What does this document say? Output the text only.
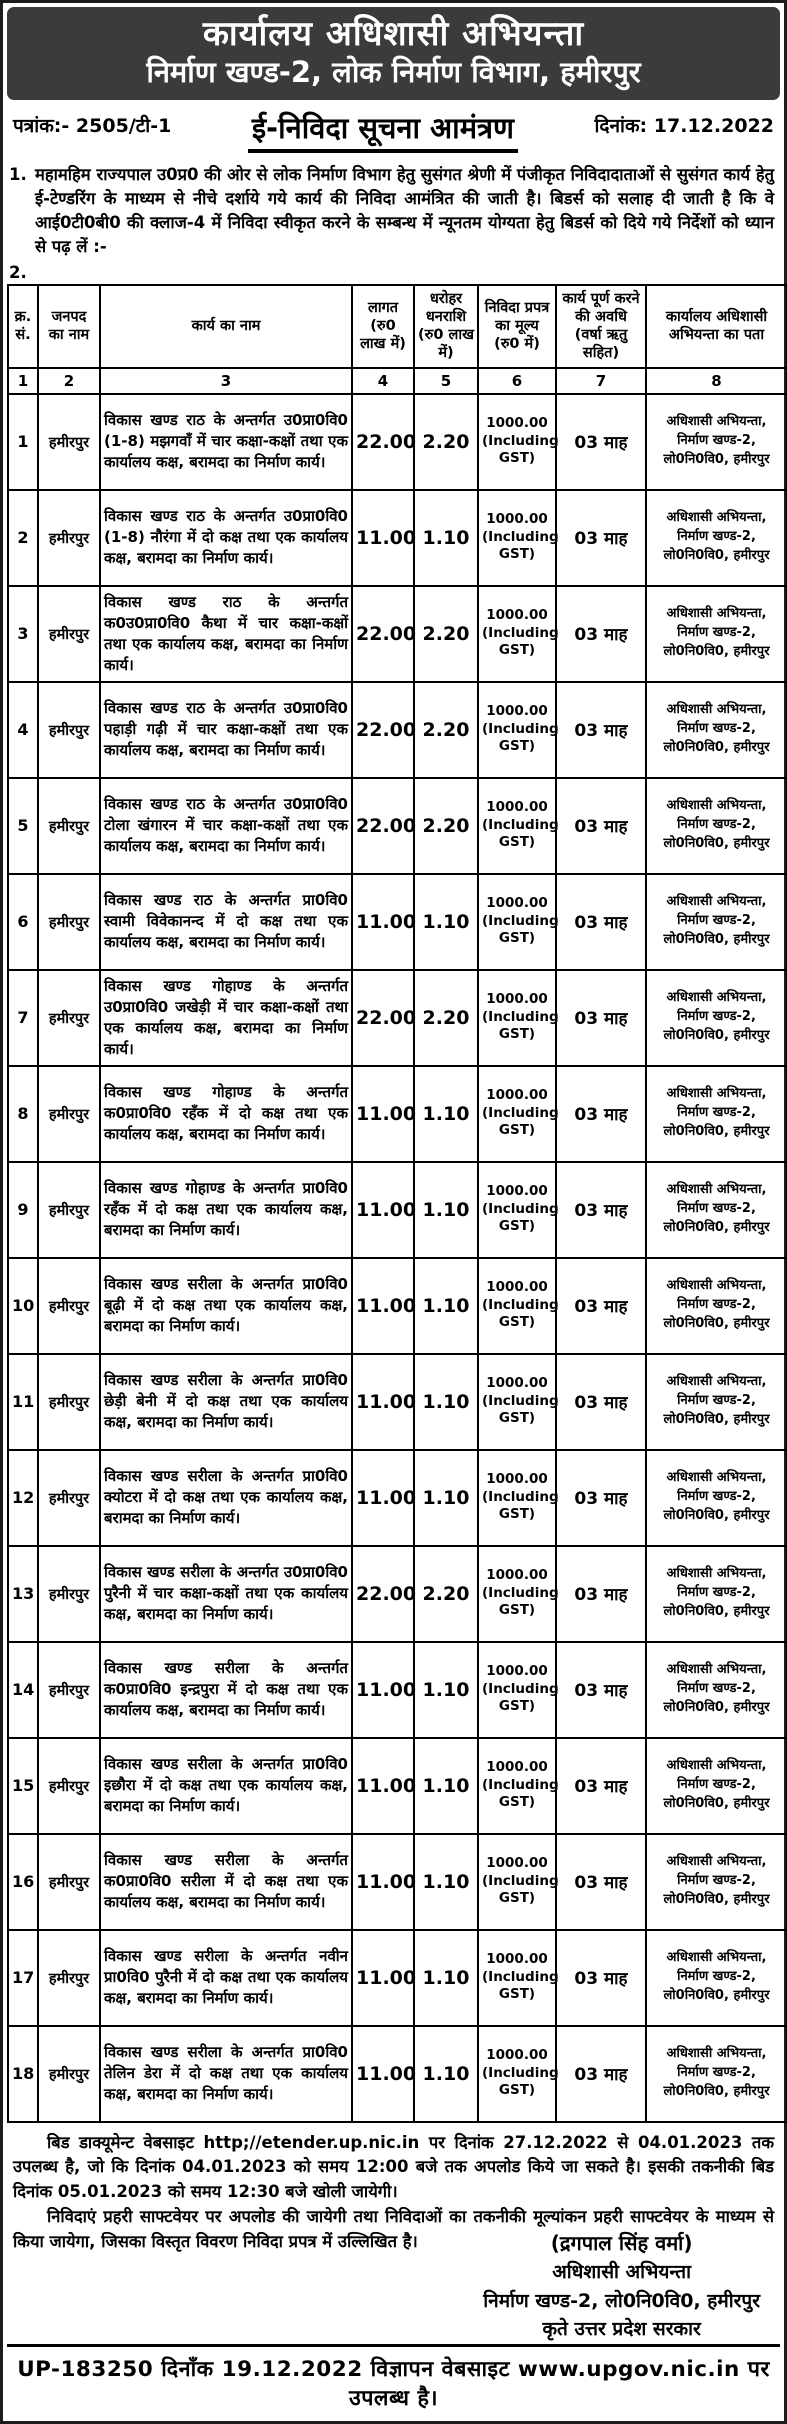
कार्यालय अधिशासी अभियन्ता
निर्माण खण्ड-2, लोक निर्माण विभाग, हमीरपुर
पत्रांक:- 2505/टी-1	ई-निविदा सूचना आमंत्रण	दिनांक: 17.12.2022
1. महामहिम राज्यपाल उ0प्र0 की ओर से लोक निर्माण विभाग हेतु सुसंगत श्रेणी में पंजीकृत निविदादाताओं से सुसंगत कार्य हेतु ई-टेण्डरिंग के माध्यम से नीचे दर्शाये गये कार्य की निविदा आमंत्रित की जाती है। बिडर्स को सलाह दी जाती है कि वे आई0टी0बी0 की क्लाज-4 में निविदा स्वीकृत करने के सम्बन्ध में न्यूनतम योग्यता हेतु बिडर्स को दिये गये निर्देशों को ध्यान से पढ़ लें :-
2.
क्र. सं.	जनपद का नाम	कार्य का नाम	लागत (रु0 लाख में)	धरोहर धनराशि (रु0 लाख में)	निविदा प्रपत्र का मूल्य (रु0 में)	कार्य पूर्ण करने की अवधि (वर्षा ऋतु सहित)	कार्यालय अधिशासी अभियन्ता का पता
1	2	3	4	5	6	7	8
1	हमीरपुर	विकास खण्ड राठ के अन्तर्गत उ0प्रा0वि0 (1-8) मझगवाँ में चार कक्षा-कक्षों तथा एक कार्यालय कक्ष, बरामदा का निर्माण कार्य।	22.00	2.20	1000.00
(Including GST)	03 माह	अधिशासी अभियन्ता, निर्माण खण्ड-2, लो0नि0वि0, हमीरपुर
2	हमीरपुर	विकास खण्ड राठ के अन्तर्गत उ0प्रा0वि0 (1-8) नौरंगा में दो कक्ष तथा एक कार्यालय कक्ष, बरामदा का निर्माण कार्य।	11.00	1.10	1000.00
(Including GST)	03 माह	अधिशासी अभियन्ता, निर्माण खण्ड-2, लो0नि0वि0, हमीरपुर
3	हमीरपुर	विकास खण्ड राठ के अन्तर्गत क0उ0प्रा0वि0 कैथा में चार कक्षा-कक्षों तथा एक कार्यालय कक्ष, बरामदा का निर्माण कार्य।	22.00	2.20	1000.00
(Including GST)	03 माह	अधिशासी अभियन्ता, निर्माण खण्ड-2, लो0नि0वि0, हमीरपुर
4	हमीरपुर	विकास खण्ड राठ के अन्तर्गत उ0प्रा0वि0 पहाड़ी गढ़ी में चार कक्षा-कक्षों तथा एक कार्यालय कक्ष, बरामदा का निर्माण कार्य।	22.00	2.20	1000.00
(Including GST)	03 माह	अधिशासी अभियन्ता, निर्माण खण्ड-2, लो0नि0वि0, हमीरपुर
5	हमीरपुर	विकास खण्ड राठ के अन्तर्गत उ0प्रा0वि0 टोला खंगारन में चार कक्षा-कक्षों तथा एक कार्यालय कक्ष, बरामदा का निर्माण कार्य।	22.00	2.20	1000.00
(Including GST)	03 माह	अधिशासी अभियन्ता, निर्माण खण्ड-2, लो0नि0वि0, हमीरपुर
6	हमीरपुर	विकास खण्ड राठ के अन्तर्गत प्रा0वि0 स्वामी विवेकानन्द में दो कक्ष तथा एक कार्यालय कक्ष, बरामदा का निर्माण कार्य।	11.00	1.10	1000.00
(Including GST)	03 माह	अधिशासी अभियन्ता, निर्माण खण्ड-2, लो0नि0वि0, हमीरपुर
7	हमीरपुर	विकास खण्ड गोहाण्ड के अन्तर्गत उ0प्रा0वि0 जखेड़ी में चार कक्षा-कक्षों तथा एक कार्यालय कक्ष, बरामदा का निर्माण कार्य।	22.00	2.20	1000.00
(Including GST)	03 माह	अधिशासी अभियन्ता, निर्माण खण्ड-2, लो0नि0वि0, हमीरपुर
8	हमीरपुर	विकास खण्ड गोहाण्ड के अन्तर्गत क0प्रा0वि0 रहँक में दो कक्ष तथा एक कार्यालय कक्ष, बरामदा का निर्माण कार्य।	11.00	1.10	1000.00
(Including GST)	03 माह	अधिशासी अभियन्ता, निर्माण खण्ड-2, लो0नि0वि0, हमीरपुर
9	हमीरपुर	विकास खण्ड गोहाण्ड के अन्तर्गत प्रा0वि0 रहँक में दो कक्ष तथा एक कार्यालय कक्ष, बरामदा का निर्माण कार्य।	11.00	1.10	1000.00
(Including GST)	03 माह	अधिशासी अभियन्ता, निर्माण खण्ड-2, लो0नि0वि0, हमीरपुर
10	हमीरपुर	विकास खण्ड सरीला के अन्तर्गत प्रा0वि0 बूढ़ी में दो कक्ष तथा एक कार्यालय कक्ष, बरामदा का निर्माण कार्य।	11.00	1.10	1000.00
(Including GST)	03 माह	अधिशासी अभियन्ता, निर्माण खण्ड-2, लो0नि0वि0, हमीरपुर
11	हमीरपुर	विकास खण्ड सरीला के अन्तर्गत प्रा0वि0 छेड़ी बेनी में दो कक्ष तथा एक कार्यालय कक्ष, बरामदा का निर्माण कार्य।	11.00	1.10	1000.00
(Including GST)	03 माह	अधिशासी अभियन्ता, निर्माण खण्ड-2, लो0नि0वि0, हमीरपुर
12	हमीरपुर	विकास खण्ड सरीला के अन्तर्गत प्रा0वि0 क्योटरा में दो कक्ष तथा एक कार्यालय कक्ष, बरामदा का निर्माण कार्य।	11.00	1.10	1000.00
(Including GST)	03 माह	अधिशासी अभियन्ता, निर्माण खण्ड-2, लो0नि0वि0, हमीरपुर
13	हमीरपुर	विकास खण्ड सरीला के अन्तर्गत उ0प्रा0वि0 पुरैनी में चार कक्षा-कक्षों तथा एक कार्यालय कक्ष, बरामदा का निर्माण कार्य।	22.00	2.20	1000.00
(Including GST)	03 माह	अधिशासी अभियन्ता, निर्माण खण्ड-2, लो0नि0वि0, हमीरपुर
14	हमीरपुर	विकास खण्ड सरीला के अन्तर्गत क0प्रा0वि0 इन्द्रपुरा में दो कक्ष तथा एक कार्यालय कक्ष, बरामदा का निर्माण कार्य।	11.00	1.10	1000.00
(Including GST)	03 माह	अधिशासी अभियन्ता, निर्माण खण्ड-2, लो0नि0वि0, हमीरपुर
15	हमीरपुर	विकास खण्ड सरीला के अन्तर्गत प्रा0वि0 इछौरा में दो कक्ष तथा एक कार्यालय कक्ष, बरामदा का निर्माण कार्य।	11.00	1.10	1000.00
(Including GST)	03 माह	अधिशासी अभियन्ता, निर्माण खण्ड-2, लो0नि0वि0, हमीरपुर
16	हमीरपुर	विकास खण्ड सरीला के अन्तर्गत क0प्रा0वि0 सरीला में दो कक्ष तथा एक कार्यालय कक्ष, बरामदा का निर्माण कार्य।	11.00	1.10	1000.00
(Including GST)	03 माह	अधिशासी अभियन्ता, निर्माण खण्ड-2, लो0नि0वि0, हमीरपुर
17	हमीरपुर	विकास खण्ड सरीला के अन्तर्गत नवीन प्रा0वि0 पुरैनी में दो कक्ष तथा एक कार्यालय कक्ष, बरामदा का निर्माण कार्य।	11.00	1.10	1000.00
(Including GST)	03 माह	अधिशासी अभियन्ता, निर्माण खण्ड-2, लो0नि0वि0, हमीरपुर
18	हमीरपुर	विकास खण्ड सरीला के अन्तर्गत प्रा0वि0 तेलिन डेरा में दो कक्ष तथा एक कार्यालय कक्ष, बरामदा का निर्माण कार्य।	11.00	1.10	1000.00
(Including GST)	03 माह	अधिशासी अभियन्ता, निर्माण खण्ड-2, लो0नि0वि0, हमीरपुर

बिड डाक्यूमेन्ट वेबसाइट http;//etender.up.nic.in पर दिनांक 27.12.2022 से 04.01.2023 तक उपलब्ध है, जो कि दिनांक 04.01.2023 को समय 12:00 बजे तक अपलोड किये जा सकते है। इसकी तकनीकी बिड दिनांक 05.01.2023 को समय 12:30 बजे खोली जायेगी।

निविदाएं प्रहरी साफ्टवेयर पर अपलोड की जायेगी तथा निविदाओं का तकनीकी मूल्यांकन प्रहरी साफ्टवेयर के माध्यम से किया जायेगा, जिसका विस्तृत विवरण निविदा प्रपत्र में उल्लिखित है।	(द्रगपाल सिंह वर्मा)
अधिशासी अभियन्ता
निर्माण खण्ड-2, लो0नि0वि0, हमीरपुर
कृते उत्तर प्रदेश सरकार
UP-183250 दिनाँक 19.12.2022 विज्ञापन वेबसाइट www.upgov.nic.in पर उपलब्ध है।
